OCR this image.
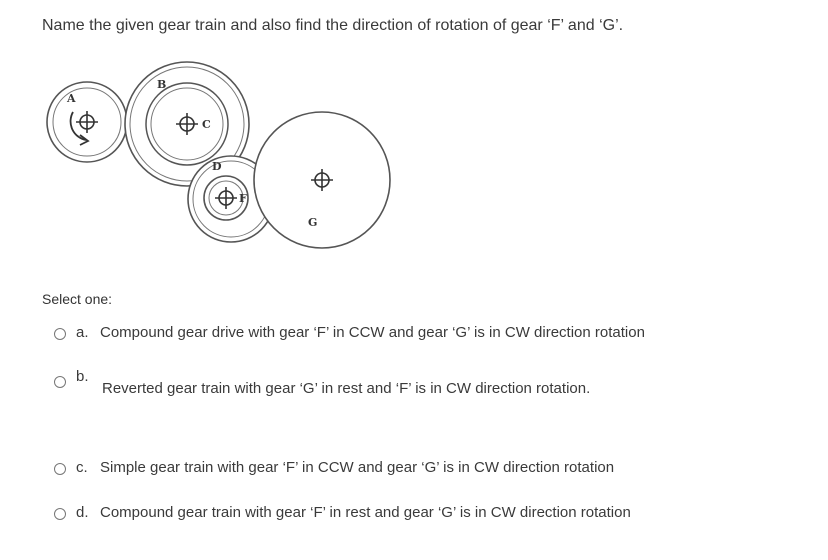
Name the given gear train and also find the direction of rotation of gear ‘F’ and ‘G’.
A
B
C
D
F
G
Select one:
a. Compound gear drive with gear ‘F’ in CCW and gear ‘G’ is in CW direction rotation
b.
Reverted gear train with gear ‘G’ in rest and ‘F’ is in CW direction rotation.
c. Simple gear train with gear ‘F’ in CCW and gear ‘G’ is in CW direction rotation
d. Compound gear train with gear ‘F’ in rest and gear ‘G’ is in CW direction rotation
